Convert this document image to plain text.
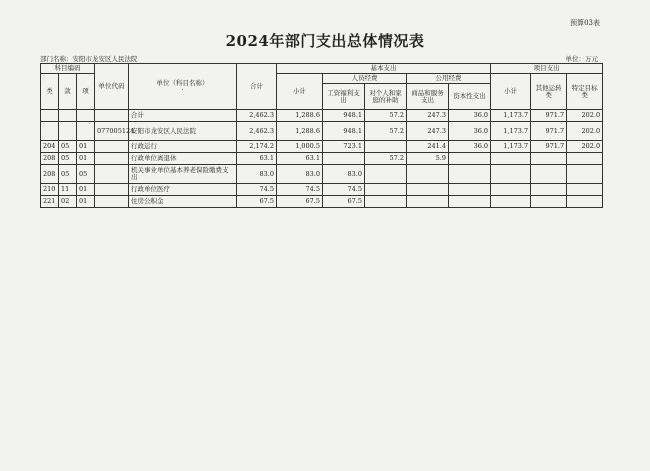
预算03表
2024年部门支出总体情况表
部门名称：安阳市龙安区人民法院	单位：万元
科目编码			单位代码	单位（科目名称）
·	合计	基本支出					项目支出		
类	款	项				小计	人员经费		公用经费		小计	其他运转类	特定目标类
							工资福利支出	对个人和家庭的补助	商品和服务支出	资本性支出			
				合计	2,462.3	1,288.6	948.1	57.2	247.3	36.0	1,173.7	971.7	202.0
			077005124	安阳市龙安区人民法院	2,462.3	1,288.6	948.1	57.2	247.3	36.0	1,173.7	971.7	202.0
204	05	01		行政运行	2,174.2	1,000.5	723.1		241.4	36.0	1,173.7	971.7	202.0
208	05	01		行政单位离退休	63.1	63.1		57.2	5.9				
208	05	05		机关事业单位基本养老保险缴费支出	83.0	83.0	83.0						
210	11	01		行政单位医疗	74.5	74.5	74.5						
221	02	01		住房公积金	67.5	67.5	67.5						
